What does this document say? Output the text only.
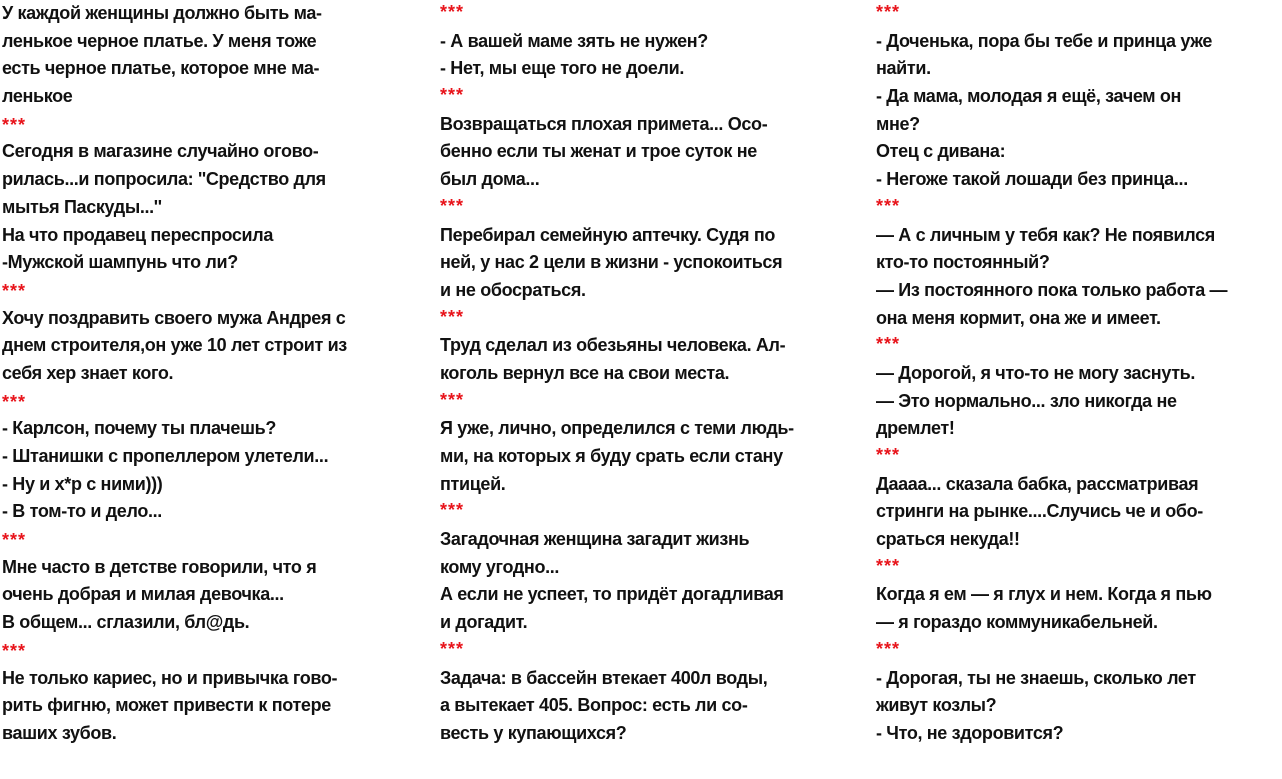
У каждой женщины должно быть ма-
ленькое черное платье. У меня тоже
есть черное платье, которое мне ма-
ленькое
***
Сегодня в магазине случайно огово-
рилась...и попросила: ''Средство для
мытья Паскуды...''
На что продавец переспросила
-Мужской шампунь что ли?
***
Хочу поздравить своего мужа Андрея с
днем строителя,он уже 10 лет строит из
себя хер знает кого.
***
- Карлсон, почему ты плачешь?
- Штанишки с пропеллером улетели...
- Ну и х*р с ними)))
- В том-то и дело...
***
Мне часто в детстве говорили, что я
очень добрая и милая девочка...
В общем... сглазили, бл@дь.
***
Не только кариес, но и привычка гово-
рить фигню, может привести к потере
ваших зубов.
***
- А вашей маме зять не нужен?
- Нет, мы еще того не доели.
***
Возвращаться плохая примета... Осо-
бенно если ты женат и трое суток не
был дома...
***
Перебирал семейную аптечку. Судя по
ней, у нас 2 цели в жизни - успокоиться
и не обосраться.
***
Труд сделал из обезьяны человека. Ал-
коголь вернул все на свои места.
***
Я уже, лично, определился с теми людь-
ми, на которых я буду срать если стану
птицей.
***
Загадочная женщина загадит жизнь
кому угодно...
А если не успеет, то придёт догадливая
и догадит.
***
Задача: в бассейн втекает 400л воды,
а вытекает 405. Вопрос: есть ли со-
весть у купающихся?
***
- Доченька, пора бы тебе и принца уже
найти.
- Да мама, молодая я ещё, зачем он
мне?
Отец с дивана:
- Негоже такой лошади без принца...
***
— А с личным у тебя как? Не появился
кто-то постоянный?
— Из постоянного пока только работа —
она меня кормит, она же и имеет.
***
— Дорогой, я что-то не могу заснуть.
— Это нормально... зло никогда не
дремлет!
***
Даааа... сказала бабка, рассматривая
стринги на рынке....Случись че и обо-
сраться некуда!!
***
Когда я ем — я глух и нем. Когда я пью
— я гораздо коммуникабельней.
***
- Дорогая, ты не знаешь, сколько лет
живут козлы?
- Что, не здоровится?
